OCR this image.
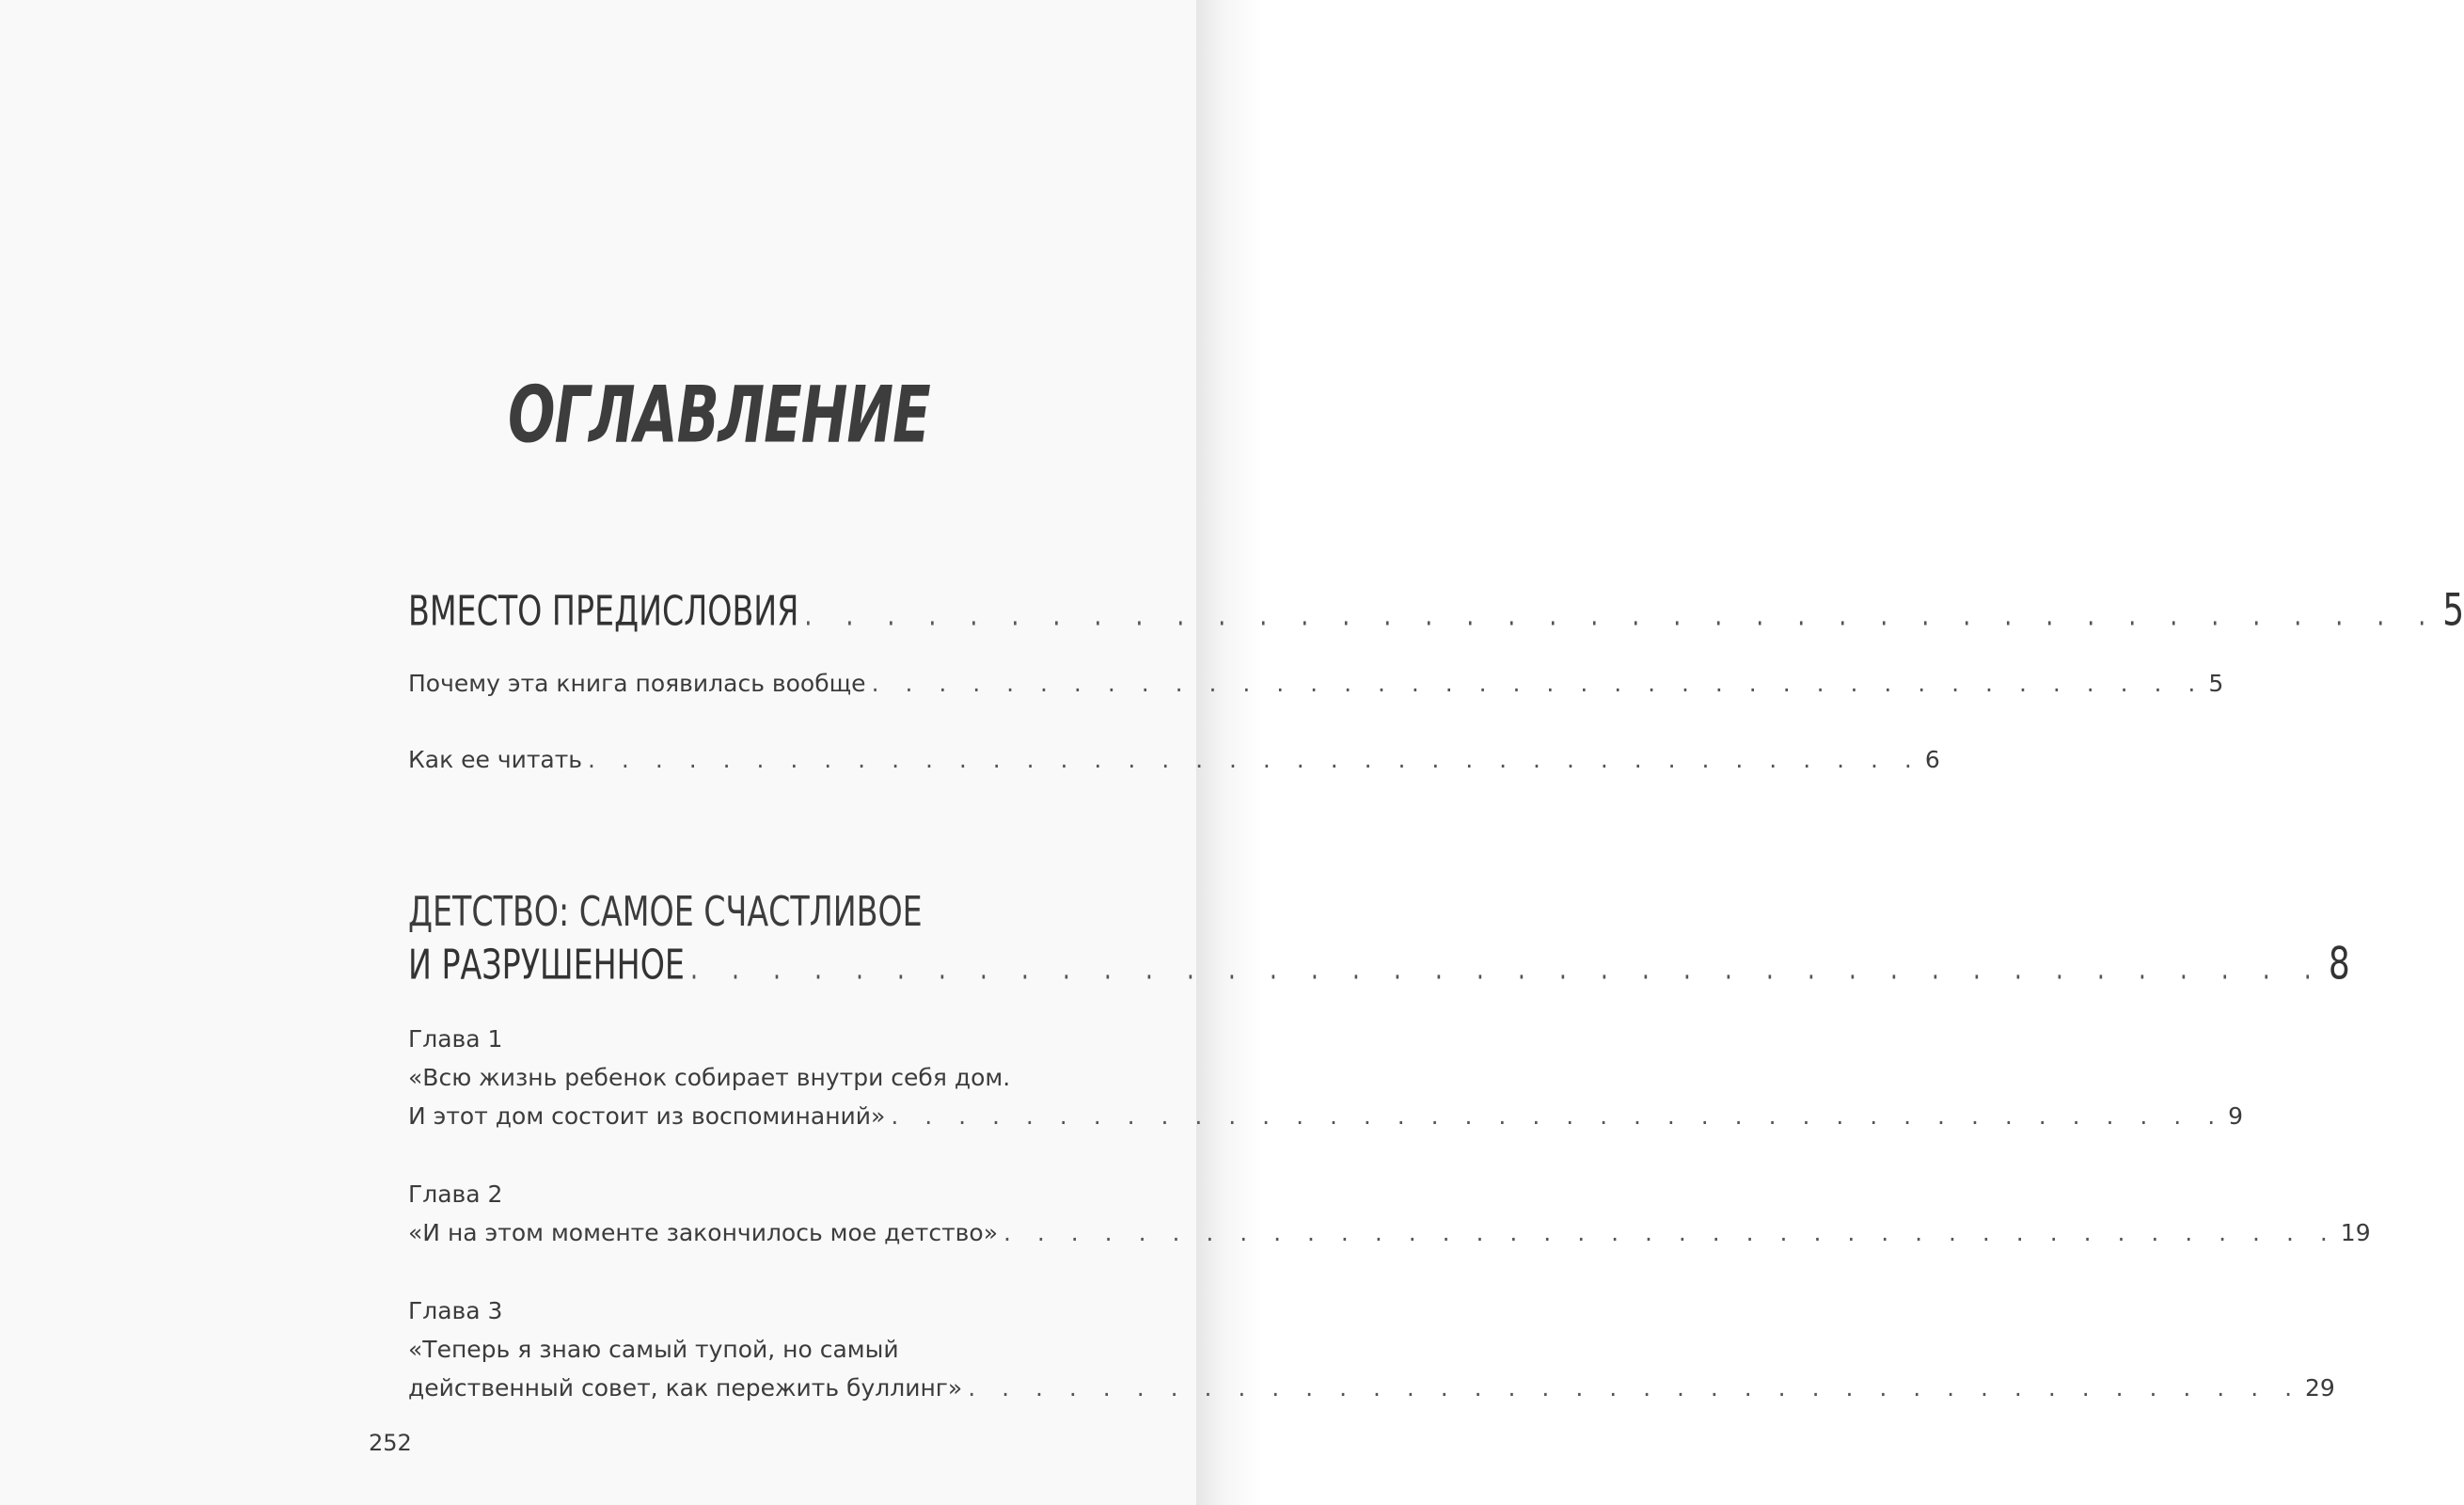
ОГЛАВЛЕНИЕ
ВМЕСТО ПРЕДИСЛОВИЯ . . . . . . . . . . . . . . . . . . . . . . . . . . . . . . . . . . . . . . . . 5
Почему эта книга появилась вообще . . . . . . . . . . . . . . . . . . . . . . . . . . . . . . . . . . . . . . . . 5
Как ее читать . . . . . . . . . . . . . . . . . . . . . . . . . . . . . . . . . . . . . . . . 6
ДЕТСТВО: САМОЕ СЧАСТЛИВОЕ
И РАЗРУШЕННОЕ . . . . . . . . . . . . . . . . . . . . . . . . . . . . . . . . . . . . . . . . 8
Глава 1
«Всю жизнь ребенок собирает внутри себя дом.
И этот дом состоит из воспоминаний» . . . . . . . . . . . . . . . . . . . . . . . . . . . . . . . . . . . . . . . . 9
Глава 2
«И на этом моменте закончилось мое детство» . . . . . . . . . . . . . . . . . . . . . . . . . . . . . . . . . . . . . . . . 19
Глава 3
«Теперь я знаю самый тупой, но самый
действенный совет, как пережить буллинг» . . . . . . . . . . . . . . . . . . . . . . . . . . . . . . . . . . . . . . . . 29
252
